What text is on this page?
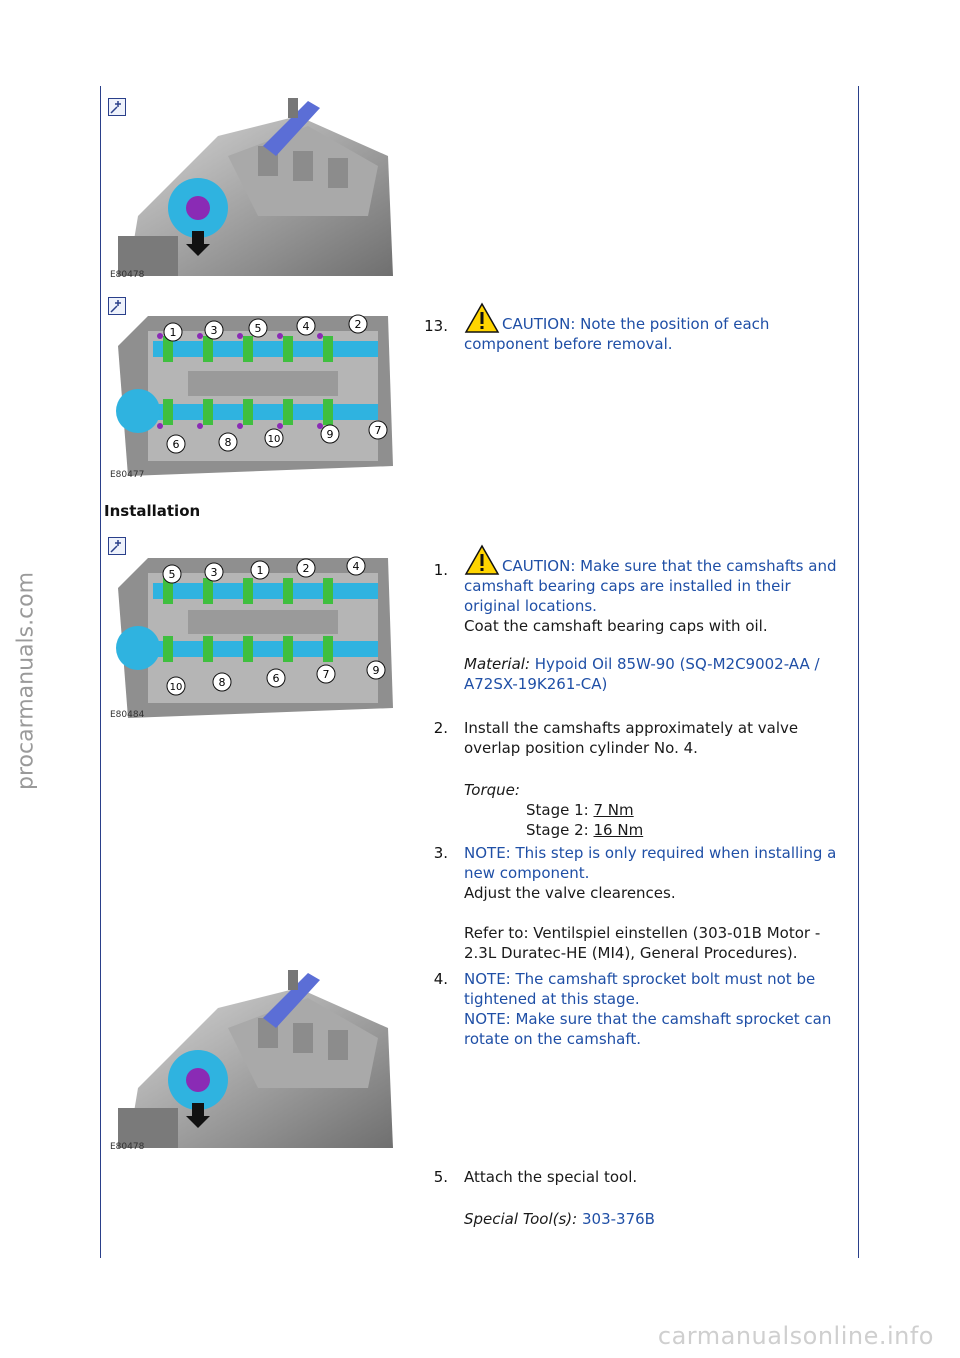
procarmanuals.com
E80478
1	3	5	4	2
6	8	10	9	7
E80477
13.	CAUTION: Note the position of each component before removal.

Installation
5	3	1	2	4
10	8	6	7	9
E80484
1.	CAUTION: Make sure that the camshafts and camshaft bearing caps are installed in their original locations.

Coat the camshaft bearing caps with oil.

Material: Hypoid Oil 85W-90 (SQ-M2C9002-AA / A72SX-19K261-CA)

2. Install the camshafts approximately at valve overlap position cylinder No. 4.

Torque:

Stage 1: 7 Nm

Stage 2: 16 Nm

3. NOTE: This step is only required when installing a new component.

Adjust the valve clearences.

Refer to: Ventilspiel einstellen (303-01B Motor - 2.3L Duratec-HE (MI4), General Procedures).

E80478
4. NOTE: The camshaft sprocket bolt must not be tightened at this stage.

NOTE: Make sure that the camshaft sprocket can rotate on the camshaft.

5. Attach the special tool.

Special Tool(s): 303-376B

carmanualsonline.info
